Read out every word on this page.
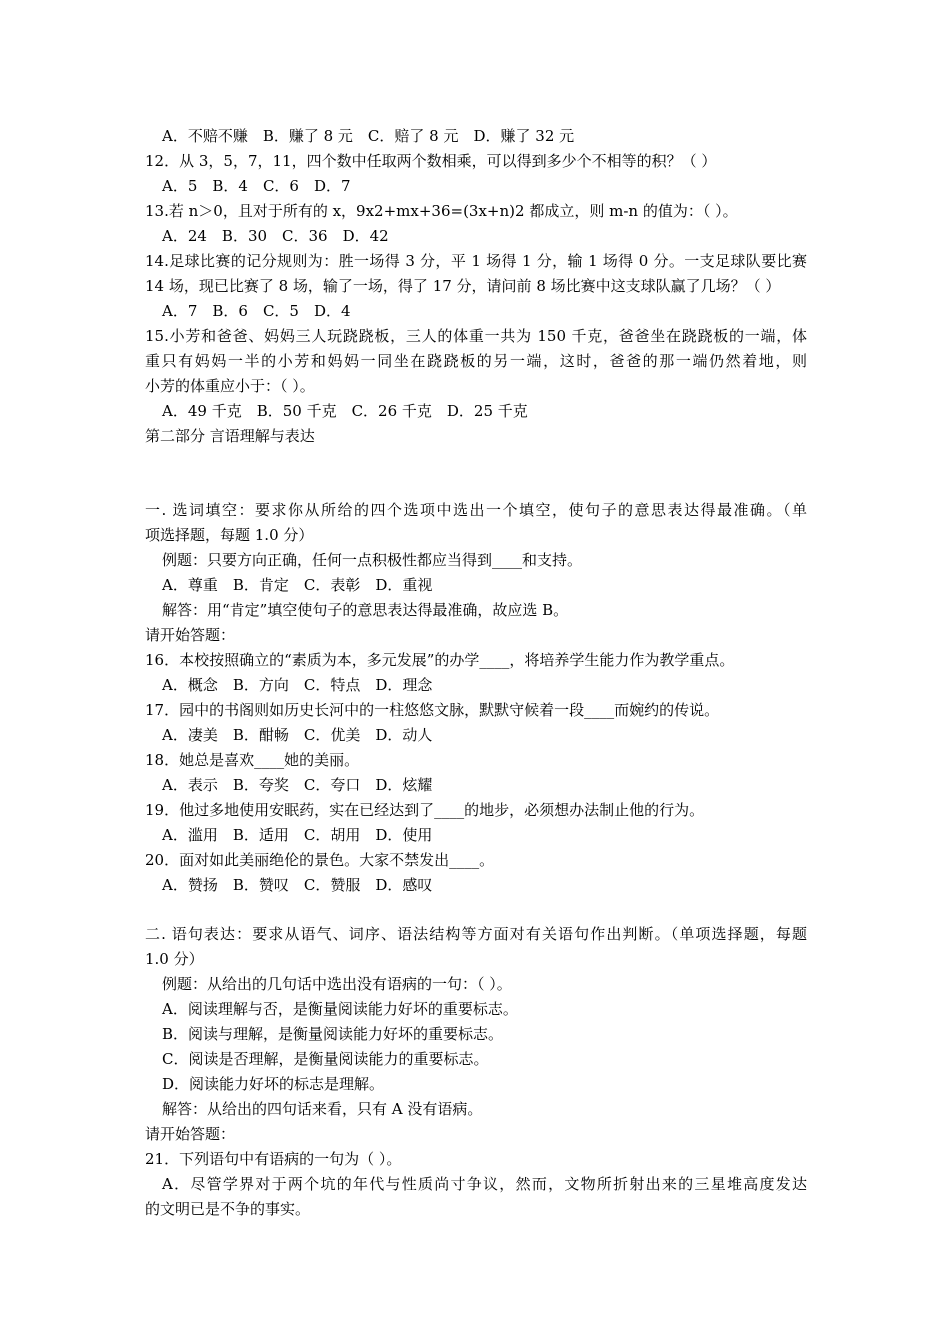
A．不赔不赚　B．赚了 8 元　C．赔了 8 元　D．赚了 32 元
12．从 3，5，7，11，四个数中任取两个数相乘，可以得到多少个不相等的积？（ ）
A．5　B．4　C．6　D．7
13.若 n＞0，且对于所有的 x，9x2+mx+36=(3x+n)2 都成立，则 m-n 的值为：（ ）。
A．24　B．30　C．36　D．42
14.足球比赛的记分规则为：胜一场得 3 分，平 1 场得 1 分，输 1 场得 0 分。一支足球队要比赛
14 场，现已比赛了 8 场，输了一场，得了 17 分，请问前 8 场比赛中这支球队赢了几场？（ ）
A．7　B．6　C．5　D．4
15.小芳和爸爸、妈妈三人玩跷跷板，三人的体重一共为 150 千克，爸爸坐在跷跷板的一端，体
重只有妈妈一半的小芳和妈妈一同坐在跷跷板的另一端，这时，爸爸的那一端仍然着地，则
小芳的体重应小于：（ ）。
A．49 千克　B．50 千克　C．26 千克　D．25 千克
第二部分 言语理解与表达
一. 选词填空：要求你从所给的四个选项中选出一个填空，使句子的意思表达得最准确。（单
项选择题，每题 1.0 分）
例题：只要方向正确，任何一点积极性都应当得到____和支持。
A．尊重　B．肯定　C．表彰　D．重视
解答：用“肯定”填空使句子的意思表达得最准确，故应选 B。
请开始答题：
16．本校按照确立的“素质为本，多元发展”的办学____，将培养学生能力作为教学重点。
A．概念　B．方向　C．特点　D．理念
17．园中的书阁则如历史长河中的一柱悠悠文脉，默默守候着一段____而婉约的传说。
A．凄美　B．酣畅　C．优美　D．动人
18．她总是喜欢____她的美丽。
A．表示　B．夸奖　C．夸口　D．炫耀
19．他过多地使用安眠药，实在已经达到了____的地步，必须想办法制止他的行为。
A．滥用　B．适用　C．胡用　D．使用
20．面对如此美丽绝伦的景色。大家不禁发出____。
A．赞扬　B．赞叹　C．赞服　D．感叹
二. 语句表达：要求从语气、词序、语法结构等方面对有关语句作出判断。（单项选择题，每题
1.0 分）
例题：从给出的几句话中选出没有语病的一句：（ ）。
A．阅读理解与否，是衡量阅读能力好坏的重要标志。
B．阅读与理解，是衡量阅读能力好坏的重要标志。
C．阅读是否理解，是衡量阅读能力的重要标志。
D．阅读能力好坏的标志是理解。
解答：从给出的四句话来看，只有 A 没有语病。
请开始答题：
21．下列语句中有语病的一句为（ ）。
A．尽管学界对于两个坑的年代与性质尚寸争议，然而，文物所折射出来的三星堆高度发达
的文明已是不争的事实。
